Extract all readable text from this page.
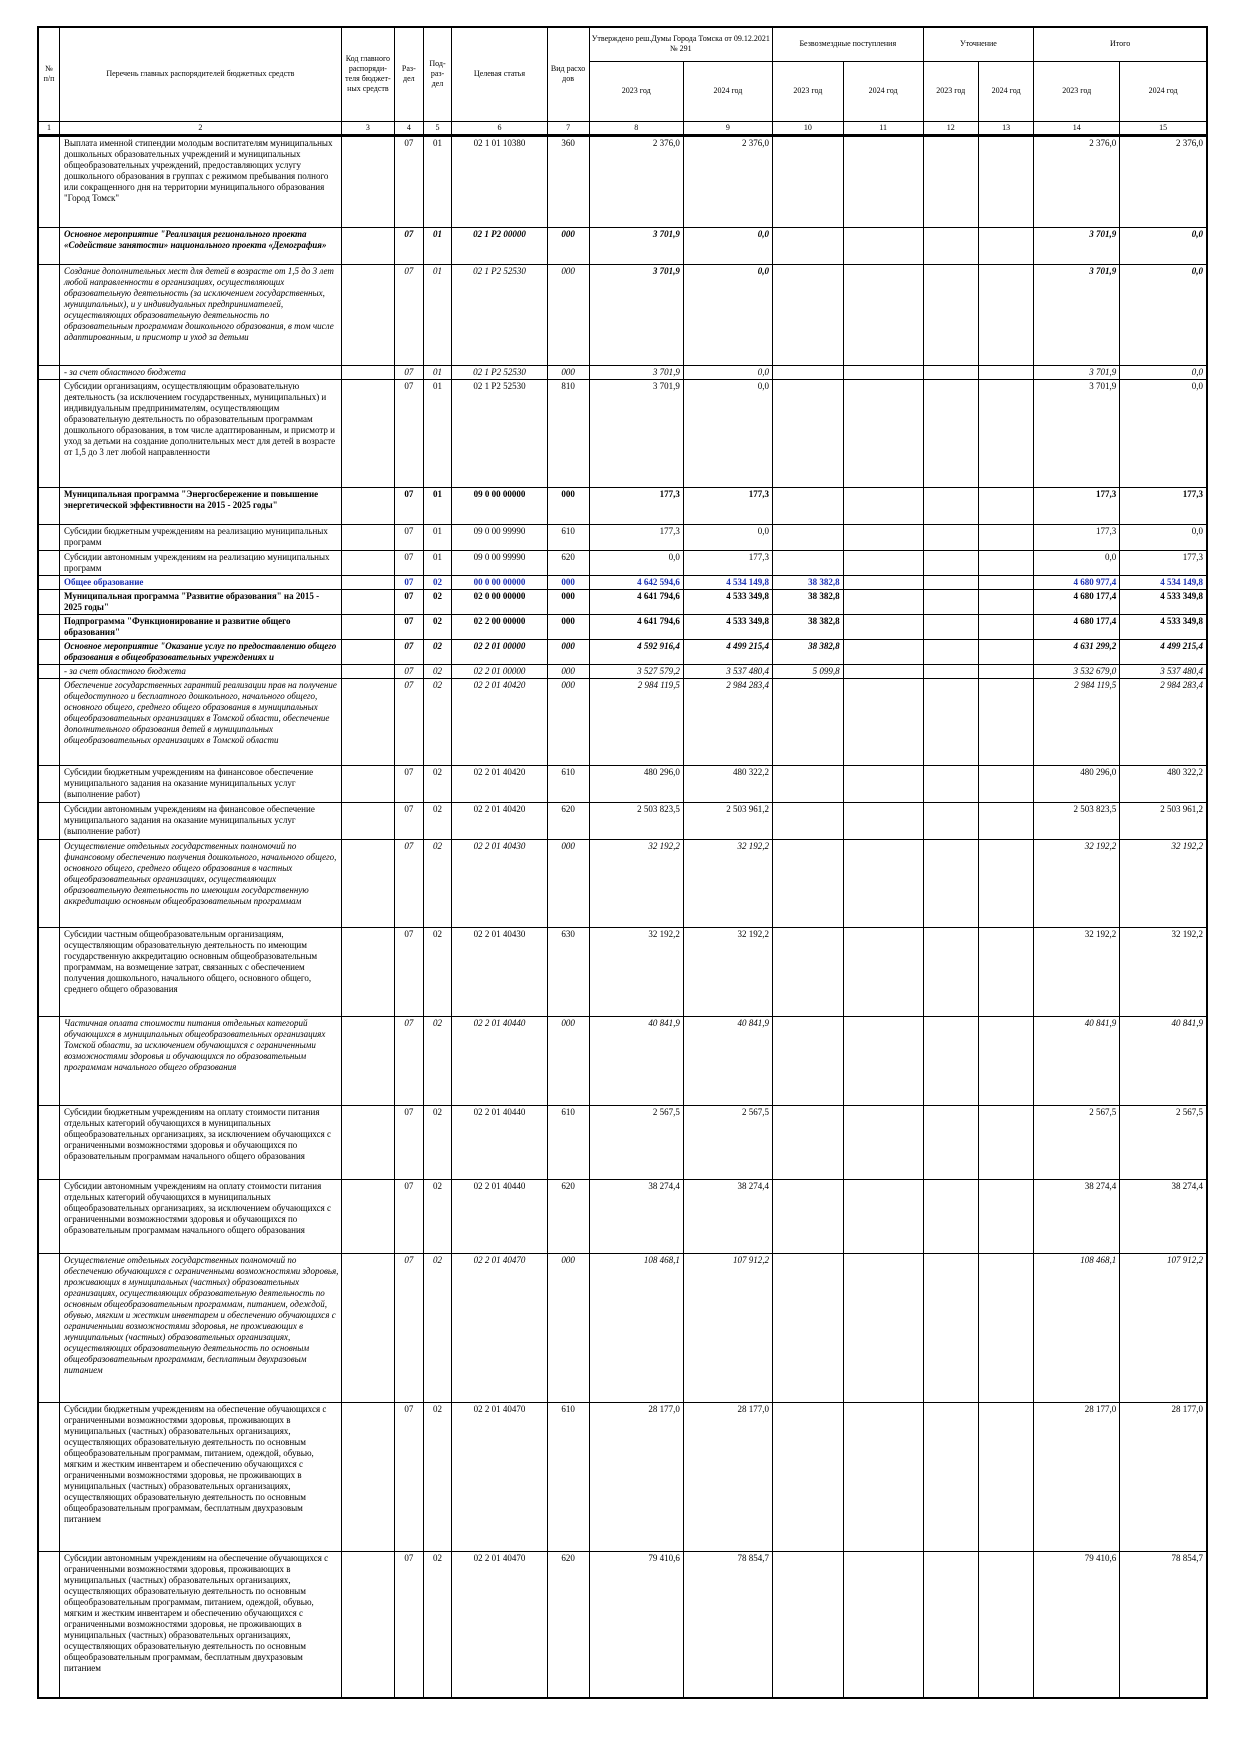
№ п/п	Перечень главных распорядителей бюджетных средств	Код главного распоряди-теля бюджет-ных средств	Раз-дел	Под-раз-дел	Целевая статья	Вид расхо дов	Утверждено реш.Думы Города Томска от 09.12.2021 № 291		Безвозмездные поступления		Уточнение		Итого	
							2023 год	2024 год	2023 год	2024 год	2023 год	2024 год	2023 год	2024 год
1	2	3	4	5	6	7	8	9	10	11	12	13	14	15
	Выплата именной стипендии молодым воспитателям муниципальных дошкольных образовательных учреждений и муниципальных общеобразовательных учреждений, предоставляющих услугу дошкольного образования в группах с режимом пребывания полного или сокращенного дня на территории муниципального образования "Город Томск"		07	01	02 1 01 10380	360	2 376,0	2 376,0					2 376,0	2 376,0
	Основное мероприятие "Реализация регионального проекта «Содействие занятости» национального проекта «Демография»		07	01	02 1 P2 00000	000	3 701,9	0,0					3 701,9	0,0
	Создание дополнительных мест для детей в возрасте от 1,5 до 3 лет любой направленности в организациях, осуществляющих образовательную деятельность (за исключением государственных, муниципальных), и у индивидуальных предпринимателей, осуществляющих образовательную деятельность по образовательным программам дошкольного образования, в том числе адаптированным, и присмотр и уход за детьми		07	01	02 1 P2 52530	000	3 701,9	0,0					3 701,9	0,0
	- за счет областного бюджета		07	01	02 1 P2 52530	000	3 701,9	0,0					3 701,9	0,0
	Субсидии организациям, осуществляющим образовательную деятельность (за исключением государственных, муниципальных) и индивидуальным предпринимателям, осуществляющим образовательную деятельность по образовательным программам дошкольного образования, в том числе адаптированным, и присмотр и уход за детьми на создание дополнительных мест для детей в возрасте от 1,5 до 3 лет любой направленности		07	01	02 1 P2 52530	810	3 701,9	0,0					3 701,9	0,0
	Муниципальная программа "Энергосбережение и повышение энергетической эффективности на 2015 - 2025 годы"		07	01	09 0 00 00000	000	177,3	177,3					177,3	177,3
	Субсидии бюджетным учреждениям на реализацию муниципальных программ		07	01	09 0 00 99990	610	177,3	0,0					177,3	0,0
	Субсидии автономным учреждениям на реализацию муниципальных программ		07	01	09 0 00 99990	620	0,0	177,3					0,0	177,3
	Общее образование		07	02	00 0 00 00000	000	4 642 594,6	4 534 149,8	38 382,8				4 680 977,4	4 534 149,8
	Муниципальная программа "Развитие образования" на 2015 - 2025 годы"		07	02	02 0 00 00000	000	4 641 794,6	4 533 349,8	38 382,8				4 680 177,4	4 533 349,8
	Подпрограмма "Функционирование и развитие общего образования"		07	02	02 2 00 00000	000	4 641 794,6	4 533 349,8	38 382,8				4 680 177,4	4 533 349,8
	Основное мероприятие "Оказание услуг по предоставлению общего образования в общеобразовательных учреждениях и		07	02	02 2 01 00000	000	4 592 916,4	4 499 215,4	38 382,8				4 631 299,2	4 499 215,4
	- за счет областного бюджета		07	02	02 2 01 00000	000	3 527 579,2	3 537 480,4	5 099,8				3 532 679,0	3 537 480,4
	Обеспечение государственных гарантий реализации прав на получение общедоступного и бесплатного дошкольного, начального общего, основного общего, среднего общего образования в муниципальных общеобразовательных организациях в Томской области, обеспечение дополнительного образования детей в муниципальных общеобразовательных организациях в Томской области		07	02	02 2 01 40420	000	2 984 119,5	2 984 283,4					2 984 119,5	2 984 283,4
	Субсидии бюджетным учреждениям на финансовое обеспечение муниципального задания на оказание муниципальных услуг (выполнение работ)		07	02	02 2 01 40420	610	480 296,0	480 322,2					480 296,0	480 322,2
	Субсидии автономным учреждениям на финансовое обеспечение муниципального задания на оказание муниципальных услуг (выполнение работ)		07	02	02 2 01 40420	620	2 503 823,5	2 503 961,2					2 503 823,5	2 503 961,2
	Осуществление отдельных государственных полномочий по финансовому обеспечению получения дошкольного, начального общего, основного общего, среднего общего образования в частных общеобразовательных организациях, осуществляющих образовательную деятельность по имеющим государственную аккредитацию основным общеобразовательным программам		07	02	02 2 01 40430	000	32 192,2	32 192,2					32 192,2	32 192,2
	Субсидии частным общеобразовательным организациям, осуществляющим образовательную деятельность по имеющим государственную аккредитацию основным общеобразовательным программам, на возмещение затрат, связанных с обеспечением получения дошкольного, начального общего, основного общего, среднего общего образования		07	02	02 2 01 40430	630	32 192,2	32 192,2					32 192,2	32 192,2
	Частичная оплата стоимости питания отдельных категорий обучающихся в муниципальных общеобразовательных организациях Томской области, за исключением обучающихся с ограниченными возможностями здоровья и обучающихся по образовательным программам начального общего образования		07	02	02 2 01 40440	000	40 841,9	40 841,9					40 841,9	40 841,9
	Субсидии бюджетным учреждениям на оплату стоимости питания отдельных категорий обучающихся в муниципальных общеобразовательных организациях, за исключением обучающихся с ограниченными возможностями здоровья и обучающихся по образовательным программам начального общего образования		07	02	02 2 01 40440	610	2 567,5	2 567,5					2 567,5	2 567,5
	Субсидии автономным учреждениям на оплату стоимости питания отдельных категорий обучающихся в муниципальных общеобразовательных организациях, за исключением обучающихся с ограниченными возможностями здоровья и обучающихся по образовательным программам начального общего образования		07	02	02 2 01 40440	620	38 274,4	38 274,4					38 274,4	38 274,4
	Осуществление отдельных государственных полномочий по обеспечению обучающихся с ограниченными возможностями здоровья, проживающих в муниципальных (частных) образовательных организациях, осуществляющих образовательную деятельность по основным общеобразовательным программам, питанием, одеждой, обувью, мягким и жестким инвентарем и обеспечению обучающихся с ограниченными возможностями здоровья, не проживающих в муниципальных (частных) образовательных организациях, осуществляющих образовательную деятельность по основным общеобразовательным программам, бесплатным двухразовым питанием		07	02	02 2 01 40470	000	108 468,1	107 912,2					108 468,1	107 912,2
	Субсидии бюджетным учреждениям на обеспечение обучающихся с ограниченными возможностями здоровья, проживающих в муниципальных (частных) образовательных организациях, осуществляющих образовательную деятельность по основным общеобразовательным программам, питанием, одеждой, обувью, мягким и жестким инвентарем и обеспечению обучающихся с ограниченными возможностями здоровья, не проживающих в муниципальных (частных) образовательных организациях, осуществляющих образовательную деятельность по основным общеобразовательным программам, бесплатным двухразовым питанием		07	02	02 2 01 40470	610	28 177,0	28 177,0					28 177,0	28 177,0
	Субсидии автономным учреждениям на обеспечение обучающихся с ограниченными возможностями здоровья, проживающих в муниципальных (частных) образовательных организациях, осуществляющих образовательную деятельность по основным общеобразовательным программам, питанием, одеждой, обувью, мягким и жестким инвентарем и обеспечению обучающихся с ограниченными возможностями здоровья, не проживающих в муниципальных (частных) образовательных организациях, осуществляющих образовательную деятельность по основным общеобразовательным программам, бесплатным двухразовым питанием		07	02	02 2 01 40470	620	79 410,6	78 854,7					79 410,6	78 854,7
